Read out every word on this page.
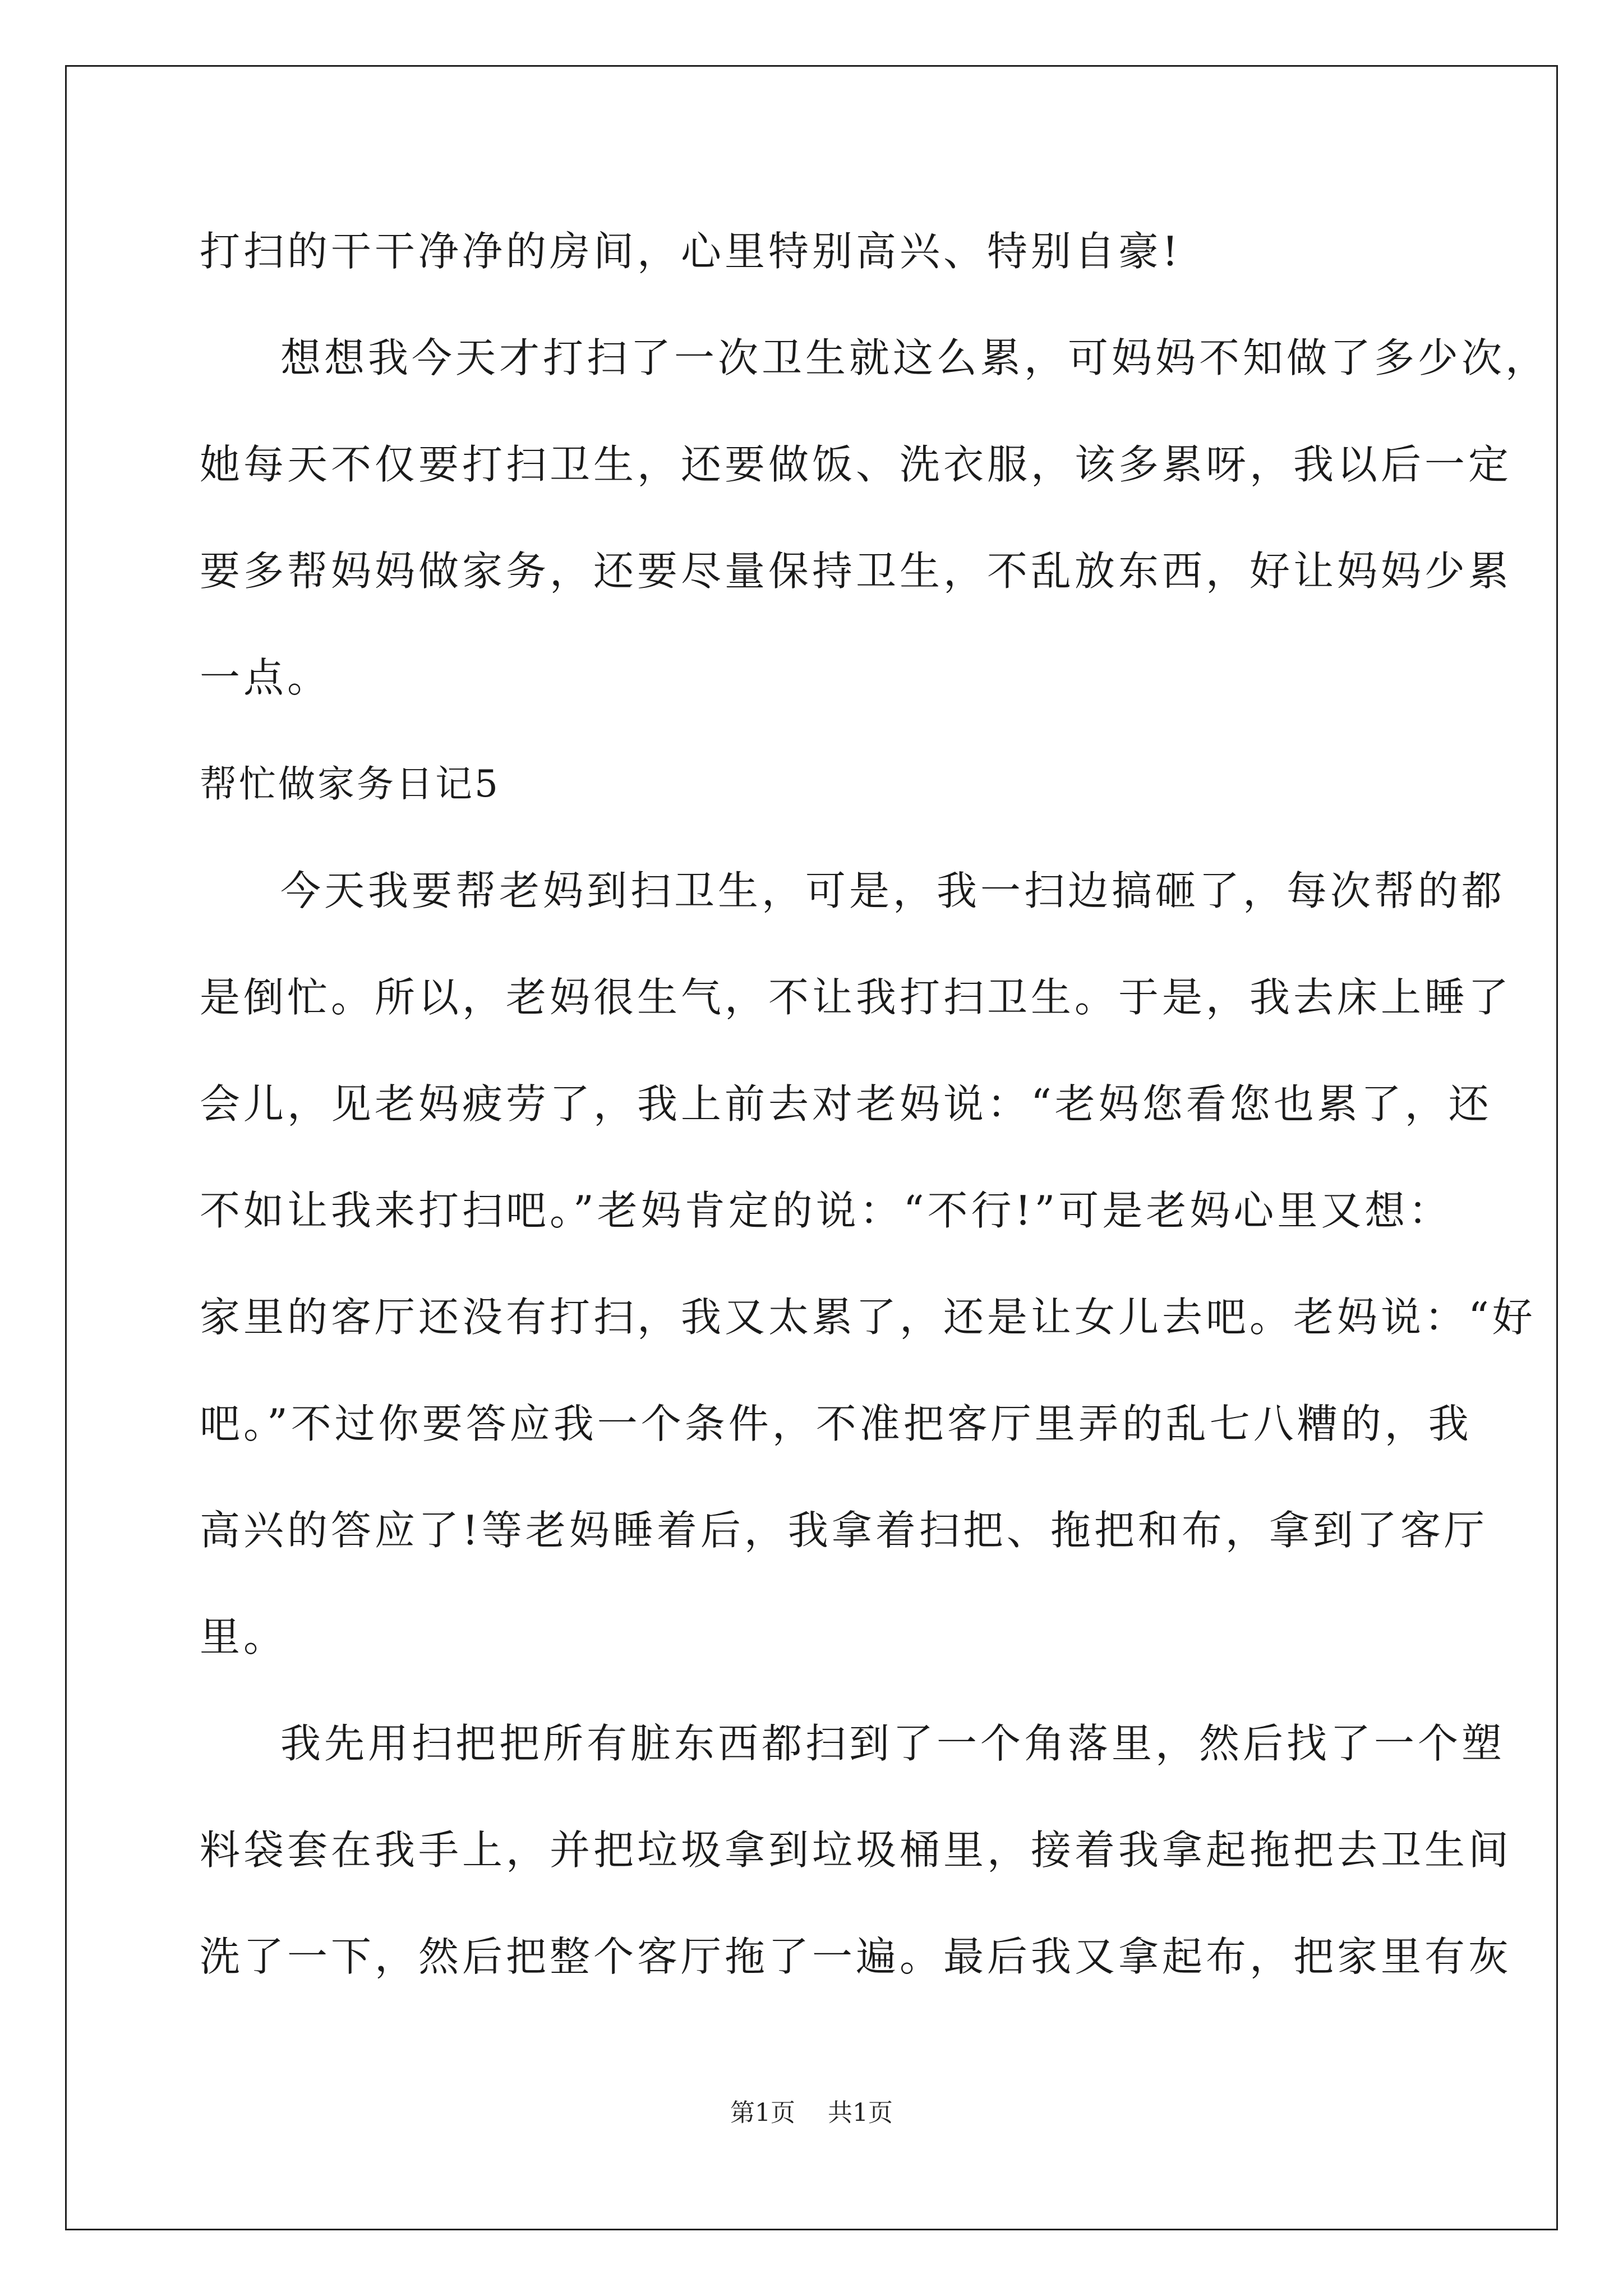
打扫的干干净净的房间，心里特别高兴、特别自豪!
想想我今天才打扫了一次卫生就这么累，可妈妈不知做了多少次，
她每天不仅要打扫卫生，还要做饭、洗衣服，该多累呀，我以后一定
要多帮妈妈做家务，还要尽量保持卫生，不乱放东西，好让妈妈少累
一点。
帮忙做家务日记5
今天我要帮老妈到扫卫生，可是，我一扫边搞砸了，每次帮的都
是倒忙。所以，老妈很生气，不让我打扫卫生。于是，我去床上睡了
会儿，见老妈疲劳了，我上前去对老妈说：“老妈您看您也累了，还
不如让我来打扫吧。”老妈肯定的说：“不行!”可是老妈心里又想：
家里的客厅还没有打扫，我又太累了，还是让女儿去吧。老妈说：“好
吧。”不过你要答应我一个条件，不准把客厅里弄的乱七八糟的，我
高兴的答应了!等老妈睡着后，我拿着扫把、拖把和布，拿到了客厅
里。
我先用扫把把所有脏东西都扫到了一个角落里，然后找了一个塑
料袋套在我手上，并把垃圾拿到垃圾桶里，接着我拿起拖把去卫生间
洗了一下，然后把整个客厅拖了一遍。最后我又拿起布，把家里有灰
第1页 共1页
